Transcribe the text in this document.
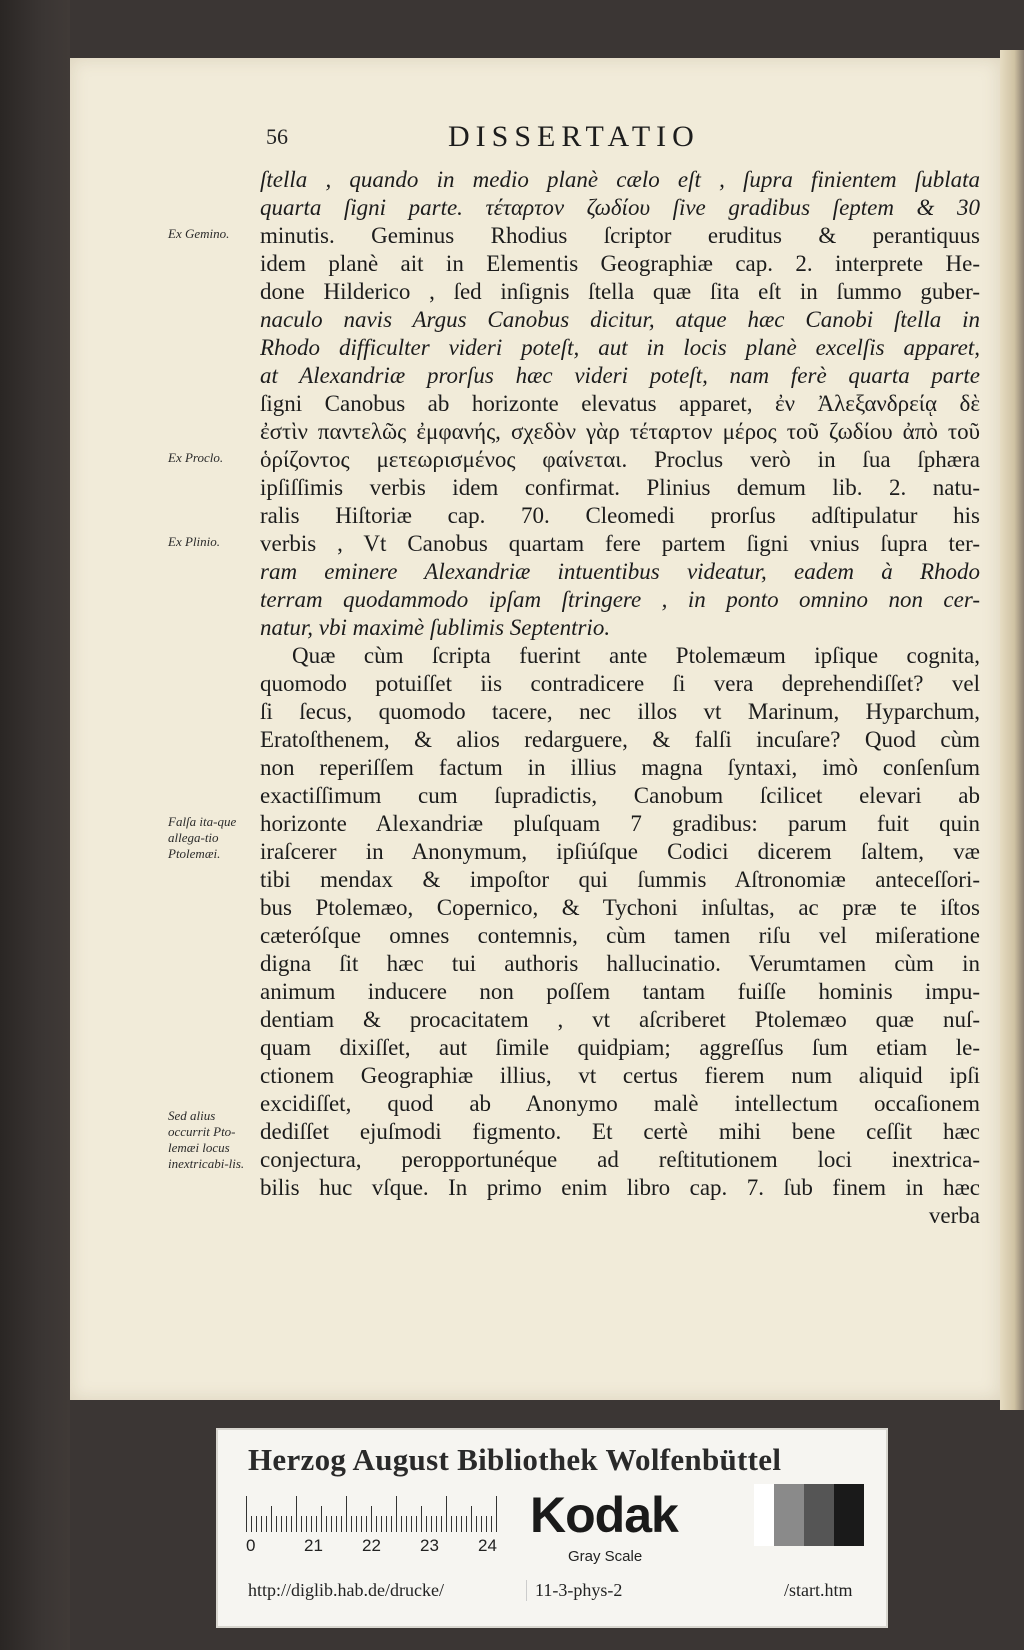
56	DISSERTATIO
Ex Gemino.
Ex Proclo.
Ex Plinio.
Falſa ita-que allega-tio Ptolemæi.
Sed alius occurrit Pto-lemæi locus inextricabi-lis.
ſtella , quando in medio planè cælo eſt , ſupra finientem ſublata
quarta ſigni parte. τέταρτον ζωδίου ſive gradibus ſeptem & 30
minutis. Geminus Rhodius ſcriptor eruditus & perantiquus
idem planè ait in Elementis Geographiæ cap. 2. interprete He-
done Hilderico , ſed inſignis ſtella quæ ſita eſt in ſummo guber-
naculo navis Argus Canobus dicitur, atque hæc Canobi ſtella in
Rhodo difficulter videri poteſt, aut in locis planè excelſis apparet,
at Alexandriæ prorſus hæc videri poteſt, nam ferè quarta parte
ſigni Canobus ab horizonte elevatus apparet, ἐν Ἀλεξανδρείᾳ δὲ
ἐστὶν παντελῶς ἐμφανής, σχεδὸν γὰρ τέταρτον μέρος τοῦ ζωδίου ἀπὸ τοῦ
ὁρίζοντος μετεωρισμένος φαίνεται. Proclus verò in ſua ſphæra
ipſiſſimis verbis idem confirmat. Plinius demum lib. 2. natu-
ralis Hiſtoriæ cap. 70. Cleomedi prorſus adſtipulatur his
verbis , Vt Canobus quartam fere partem ſigni vnius ſupra ter-
ram eminere Alexandriæ intuentibus videatur, eadem à Rhodo
terram quodammodo ipſam ſtringere , in ponto omnino non cer-
natur, vbi maximè ſublimis Septentrio.
Quæ cùm ſcripta fuerint ante Ptolemæum ipſique cognita,
quomodo potuiſſet iis contradicere ſi vera deprehendiſſet? vel
ſi ſecus, quomodo tacere, nec illos vt Marinum, Hyparchum,
Eratoſthenem, & alios redarguere, & falſi incuſare? Quod cùm
non reperiſſem factum in illius magna ſyntaxi, imò conſenſum
exactiſſimum cum ſupradictis, Canobum ſcilicet elevari ab
horizonte Alexandriæ pluſquam 7 gradibus: parum fuit quin
iraſcerer in Anonymum, ipſiúſque Codici dicerem ſaltem, væ
tibi mendax & impoſtor qui ſummis Aſtronomiæ anteceſſori-
bus Ptolemæo, Copernico, & Tychoni inſultas, ac præ te iſtos
cæteróſque omnes contemnis, cùm tamen riſu vel miſeratione
digna ſit hæc tui authoris hallucinatio. Verumtamen cùm in
animum inducere non poſſem tantam fuiſſe hominis impu-
dentiam & procacitatem , vt aſcriberet Ptolemæo quæ nuſ-
quam dixiſſet, aut ſimile quidpiam; aggreſſus ſum etiam le-
ctionem Geographiæ illius, vt certus fierem num aliquid ipſi
excidiſſet, quod ab Anonymo malè intellectum occaſionem
dediſſet ejuſmodi figmento. Et certè mihi bene ceſſit hæc
conjectura, peropportunéque ad reſtitutionem loci inextrica-
bilis huc vſque. In primo enim libro cap. 7. ſub finem in hæc
verba
Herzog August Bibliothek Wolfenbüttel
0	21 22 23 24
Kodak
Gray Scale
http://diglib.hab.de/drucke/	11-3-phys-2	/start.htm
